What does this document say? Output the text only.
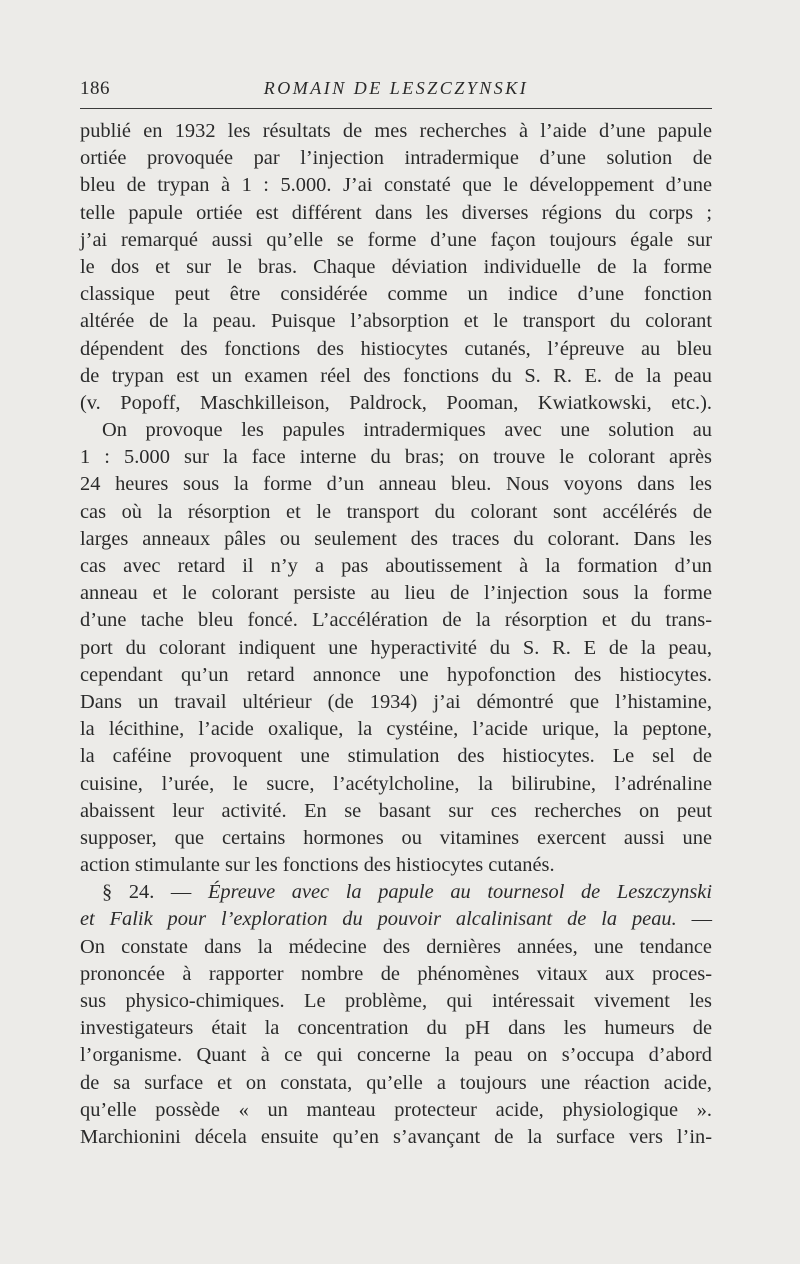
186	ROMAIN DE LESZCZYNSKI
publié en 1932 les résultats de mes recherches à l’aide d’une papule
ortiée provoquée par l’injection intradermique d’une solution de
bleu de trypan à 1 : 5.000. J’ai constaté que le développement d’une
telle papule ortiée est différent dans les diverses régions du corps ;
j’ai remarqué aussi qu’elle se forme d’une façon toujours égale sur
le dos et sur le bras. Chaque déviation individuelle de la forme
classique peut être considérée comme un indice d’une fonction
altérée de la peau. Puisque l’absorption et le transport du colorant
dépendent des fonctions des histiocytes cutanés, l’épreuve au bleu
de trypan est un examen réel des fonctions du S. R. E. de la peau
(v. Popoff, Maschkilleison, Paldrock, Pooman, Kwiatkowski, etc.).
On provoque les papules intradermiques avec une solution au
1 : 5.000 sur la face interne du bras; on trouve le colorant après
24 heures sous la forme d’un anneau bleu. Nous voyons dans les
cas où la résorption et le transport du colorant sont accélérés de
larges anneaux pâles ou seulement des traces du colorant. Dans les
cas avec retard il n’y a pas aboutissement à la formation d’un
anneau et le colorant persiste au lieu de l’injection sous la forme
d’une tache bleu foncé. L’accélération de la résorption et du trans-
port du colorant indiquent une hyperactivité du S. R. E de la peau,
cependant qu’un retard annonce une hypofonction des histiocytes.
Dans un travail ultérieur (de 1934) j’ai démontré que l’histamine,
la lécithine, l’acide oxalique, la cystéine, l’acide urique, la peptone,
la caféine provoquent une stimulation des histiocytes. Le sel de
cuisine, l’urée, le sucre, l’acétylcholine, la bilirubine, l’adrénaline
abaissent leur activité. En se basant sur ces recherches on peut
supposer, que certains hormones ou vitamines exercent aussi une
action stimulante sur les fonctions des histiocytes cutanés.
§ 24. — Épreuve avec la papule au tournesol de Leszczynski
et Falik pour l’exploration du pouvoir alcalinisant de la peau. —
On constate dans la médecine des dernières années, une tendance
prononcée à rapporter nombre de phénomènes vitaux aux proces-
sus physico-chimiques. Le problème, qui intéressait vivement les
investigateurs était la concentration du pH dans les humeurs de
l’organisme. Quant à ce qui concerne la peau on s’occupa d’abord
de sa surface et on constata, qu’elle a toujours une réaction acide,
qu’elle possède « un manteau protecteur acide, physiologique ».
Marchionini décela ensuite qu’en s’avançant de la surface vers l’in-
